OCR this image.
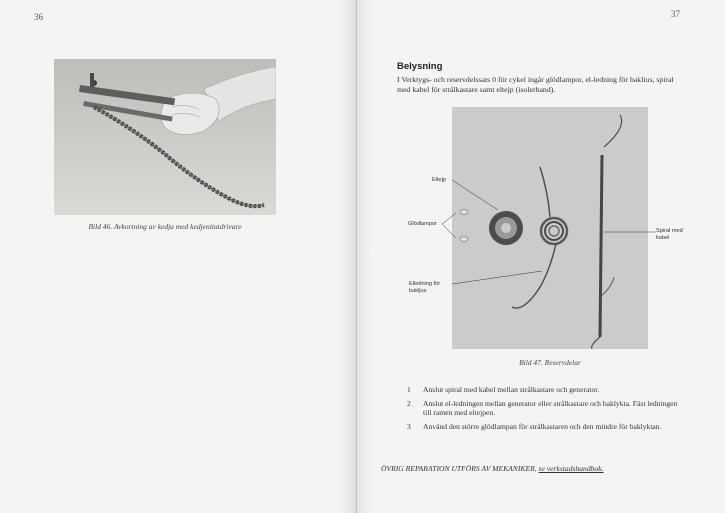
36
Bild 46. Avkortning av kedja med kedjenitutdrivare
37
Belysning
I Verktygs- och reservdelssats 0 för cykel ingår glödlampor, el-ledning för baklius, spiral med kabel för strålkastare samt eltejp (isolerband).
Eltejp
Glödlampor
Elledning för
bakljus
Spiral med
kabel
Bild 47. Reservdelar
1 Anslut spiral med kabel mellan strålkastare och generator.
2 Anslut el-ledningen mellan generator eller strålkastare och baklykta. Fäst ledningen till ramen med eltejpen.
3 Använd den större glödlampan för strålkastaren och den mindre för baklyktan.
ÖVRIG REPARATION UTFÖRS AV MEKANIKER, se verkstadshandbok.
